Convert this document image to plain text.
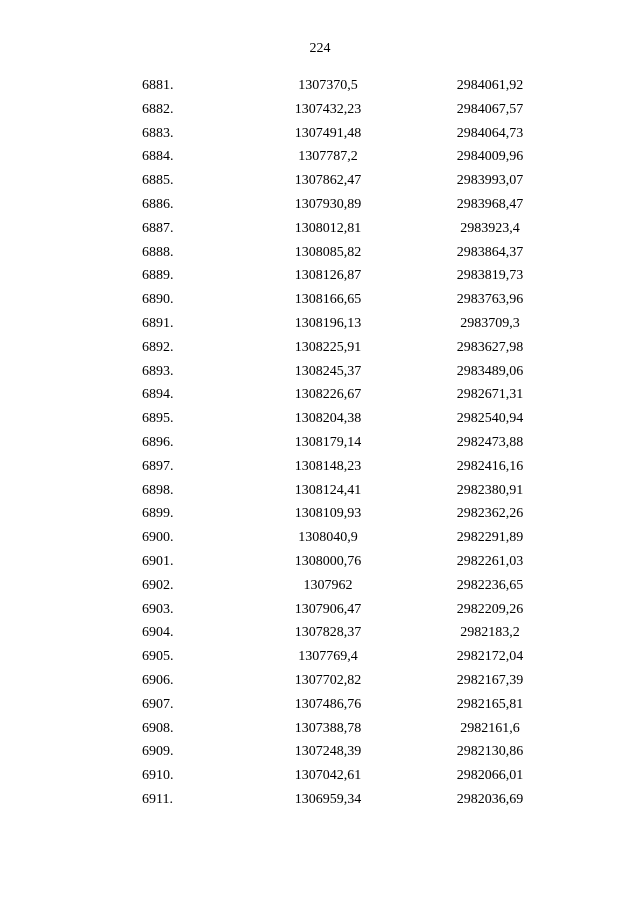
224
6881.	1307370,5	2984061,92
6882.	1307432,23	2984067,57
6883.	1307491,48	2984064,73
6884.	1307787,2	2984009,96
6885.	1307862,47	2983993,07
6886.	1307930,89	2983968,47
6887.	1308012,81	2983923,4
6888.	1308085,82	2983864,37
6889.	1308126,87	2983819,73
6890.	1308166,65	2983763,96
6891.	1308196,13	2983709,3
6892.	1308225,91	2983627,98
6893.	1308245,37	2983489,06
6894.	1308226,67	2982671,31
6895.	1308204,38	2982540,94
6896.	1308179,14	2982473,88
6897.	1308148,23	2982416,16
6898.	1308124,41	2982380,91
6899.	1308109,93	2982362,26
6900.	1308040,9	2982291,89
6901.	1308000,76	2982261,03
6902.	1307962	2982236,65
6903.	1307906,47	2982209,26
6904.	1307828,37	2982183,2
6905.	1307769,4	2982172,04
6906.	1307702,82	2982167,39
6907.	1307486,76	2982165,81
6908.	1307388,78	2982161,6
6909.	1307248,39	2982130,86
6910.	1307042,61	2982066,01
6911.	1306959,34	2982036,69
